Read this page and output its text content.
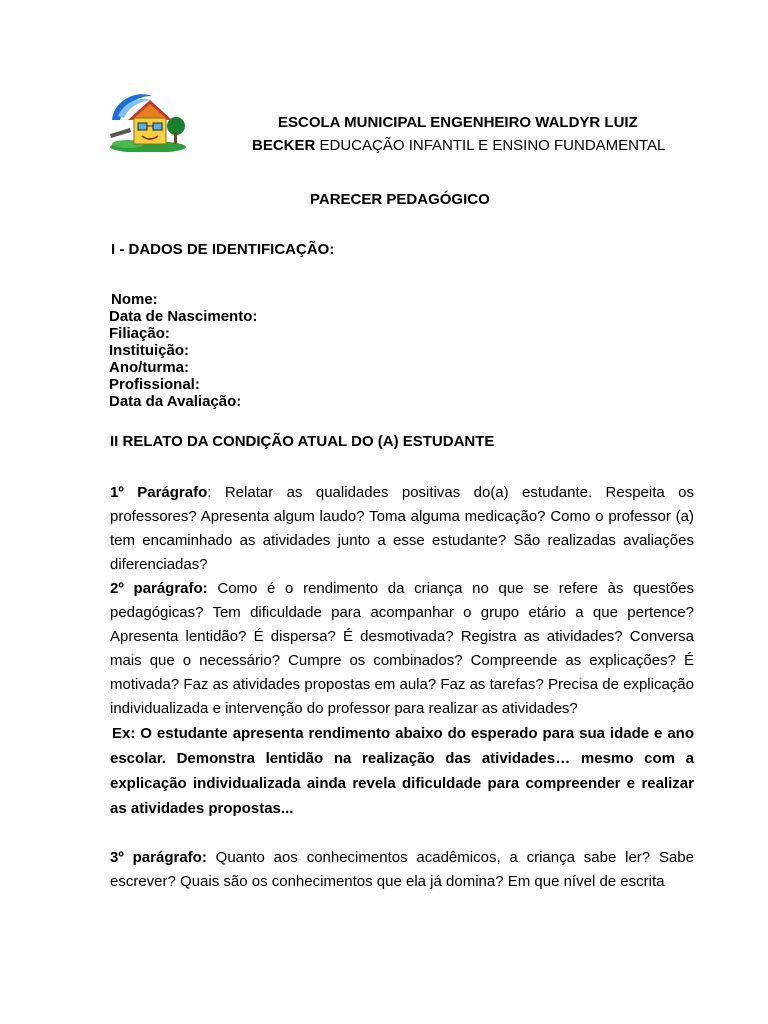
ESCOLA MUNICIPAL ENGENHEIRO WALDYR LUIZ
BECKER EDUCAÇÃO INFANTIL E ENSINO FUNDAMENTAL
PARECER PEDAGÓGICO
I - DADOS DE IDENTIFICAÇÃO:
Nome:
Data de Nascimento:
Filiação:
Instituição:
Ano/turma:
Profissional:
Data da Avaliação:
II RELATO DA CONDIÇÃO ATUAL DO (A) ESTUDANTE

1º Parágrafo: Relatar as qualidades positivas do(a) estudante. Respeita os professores? Apresenta algum laudo? Toma alguma medicação? Como o professor (a) tem encaminhado as atividades junto a esse estudante? São realizadas avaliações diferenciadas?

2º parágrafo: Como é o rendimento da criança no que se refere às questões pedagógicas? Tem dificuldade para acompanhar o grupo etário a que pertence? Apresenta lentidão? É dispersa? É desmotivada? Registra as atividades? Conversa mais que o necessário? Cumpre os combinados? Compreende as explicações? É motivada? Faz as atividades propostas em aula? Faz as tarefas? Precisa de explicação individualizada e intervenção do professor para realizar as atividades?

Ex: O estudante apresenta rendimento abaixo do esperado para sua idade e ano escolar. Demonstra lentidão na realização das atividades… mesmo com a explicação individualizada ainda revela dificuldade para compreender e realizar as atividades propostas...

3º parágrafo: Quanto aos conhecimentos acadêmicos, a criança sabe ler? Sabe escrever? Quais são os conhecimentos que ela já domina? Em que nível de escrita
